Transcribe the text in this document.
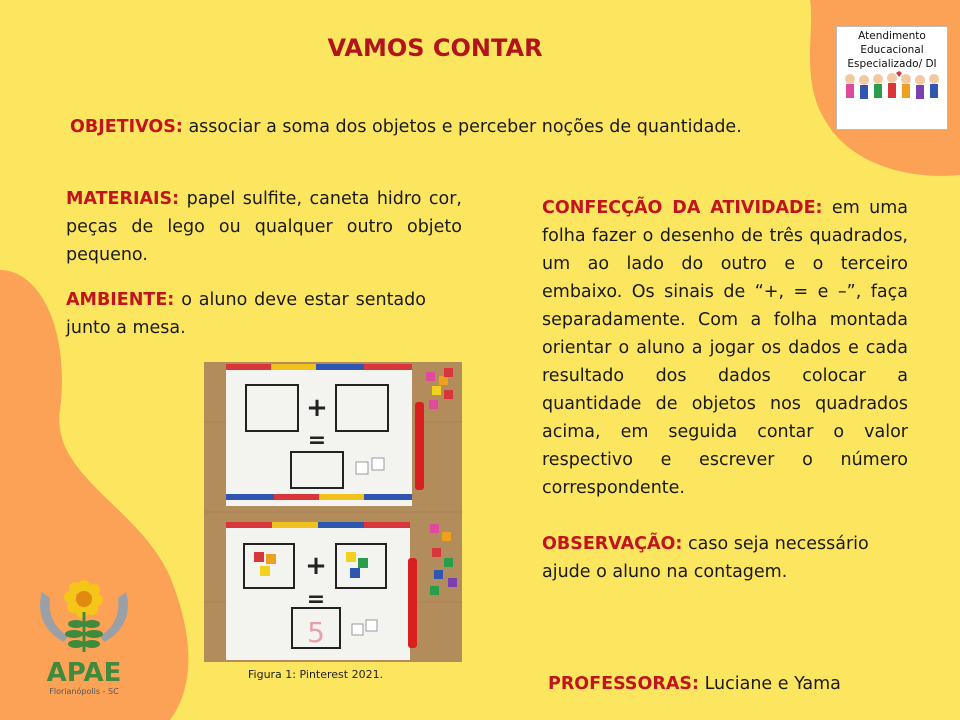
VAMOS CONTAR
OBJETIVOS: associar a soma dos objetos e perceber noções de quantidade.
MATERIAIS: papel sulfite, caneta hidro cor, peças de lego ou qualquer outro objeto pequeno.
AMBIENTE: o aluno deve estar sentado junto a mesa.
CONFECÇÃO DA ATIVIDADE: em uma folha fazer o desenho de três quadrados, um ao lado do outro e o terceiro embaixo. Os sinais de “+, = e –”, faça separadamente. Com a folha montada orientar o aluno a jogar os dados e cada resultado dos dados colocar a quantidade de objetos nos quadrados acima, em seguida contar o valor respectivo e escrever o número correspondente.
OBSERVAÇÃO: caso seja necessário ajude o aluno na contagem.
PROFESSORAS: Luciane e Yama
+
=
+
=
5
Figura 1: Pinterest 2021.
Atendimento
Educacional
Especializado/ DI
APAE
Florianópolis - SC
